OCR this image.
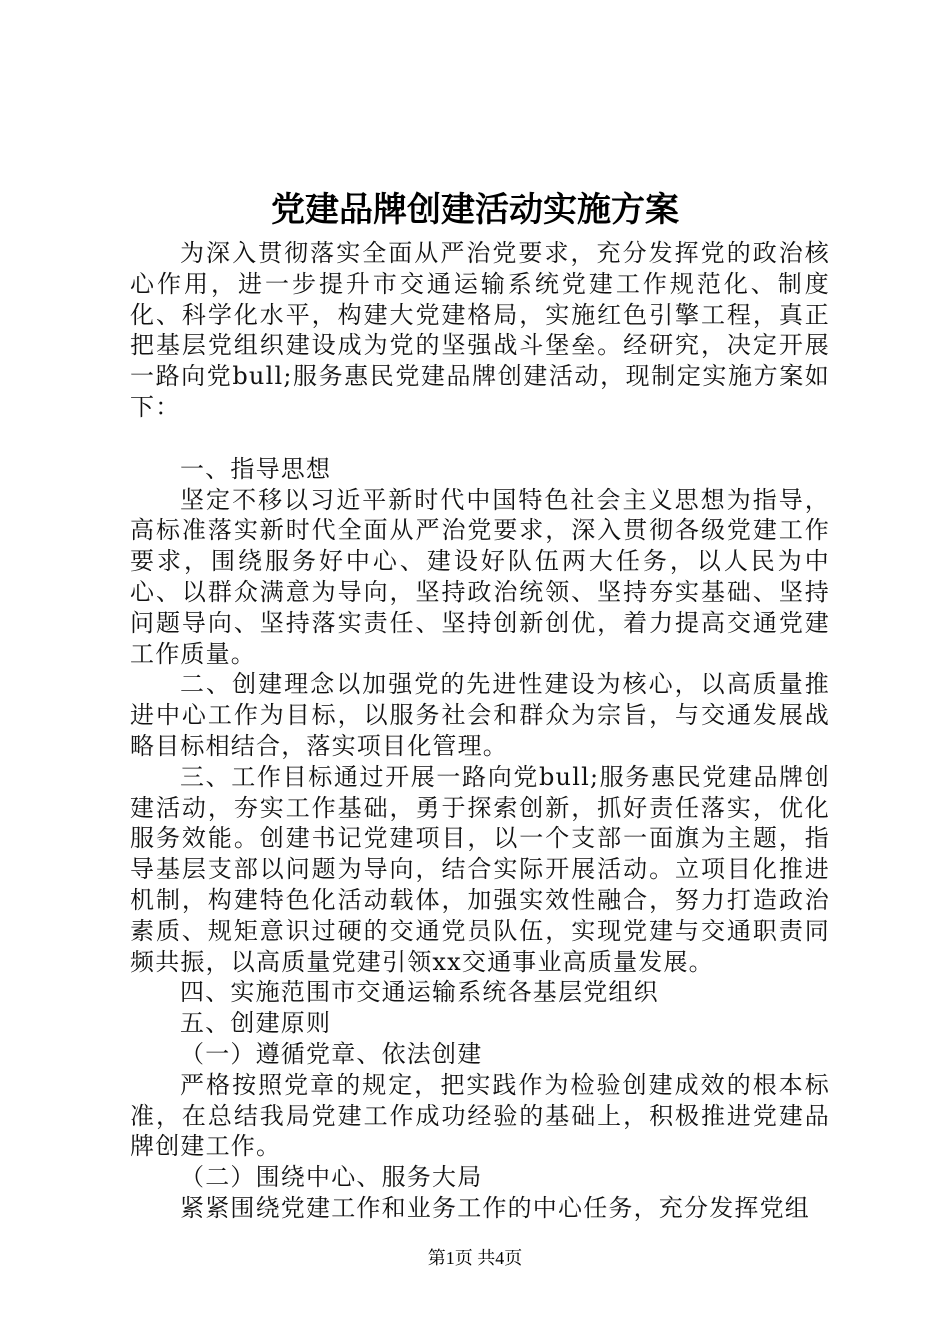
党建品牌创建活动实施方案

为深入贯彻落实全面从严治党要求，充分发挥党的政治核心作用，进一步提升市交通运输系统党建工作规范化、制度化、科学化水平，构建大党建格局，实施红色引擎工程，真正把基层党组织建设成为党的坚强战斗堡垒。经研究，决定开展一路向党bull;服务惠民党建品牌创建活动，现制定实施方案如下：

一、指导思想

坚定不移以习近平新时代中国特色社会主义思想为指导，高标准落实新时代全面从严治党要求，深入贯彻各级党建工作要求，围绕服务好中心、建设好队伍两大任务，以人民为中心、以群众满意为导向，坚持政治统领、坚持夯实基础、坚持问题导向、坚持落实责任、坚持创新创优，着力提高交通党建工作质量。

二、创建理念以加强党的先进性建设为核心，以高质量推进中心工作为目标，以服务社会和群众为宗旨，与交通发展战略目标相结合，落实项目化管理。

三、工作目标通过开展一路向党bull;服务惠民党建品牌创建活动，夯实工作基础，勇于探索创新，抓好责任落实，优化服务效能。创建书记党建项目，以一个支部一面旗为主题，指导基层支部以问题为导向，结合实际开展活动。立项目化推进机制，构建特色化活动载体，加强实效性融合，努力打造政治素质、规矩意识过硬的交通党员队伍，实现党建与交通职责同频共振，以高质量党建引领xx交通事业高质量发展。

四、实施范围市交通运输系统各基层党组织

五、创建原则

（一）遵循党章、依法创建

严格按照党章的规定，把实践作为检验创建成效的根本标准，在总结我局党建工作成功经验的基础上，积极推进党建品牌创建工作。

（二）围绕中心、服务大局

紧紧围绕党建工作和业务工作的中心任务，充分发挥党组

第1页 共4页
